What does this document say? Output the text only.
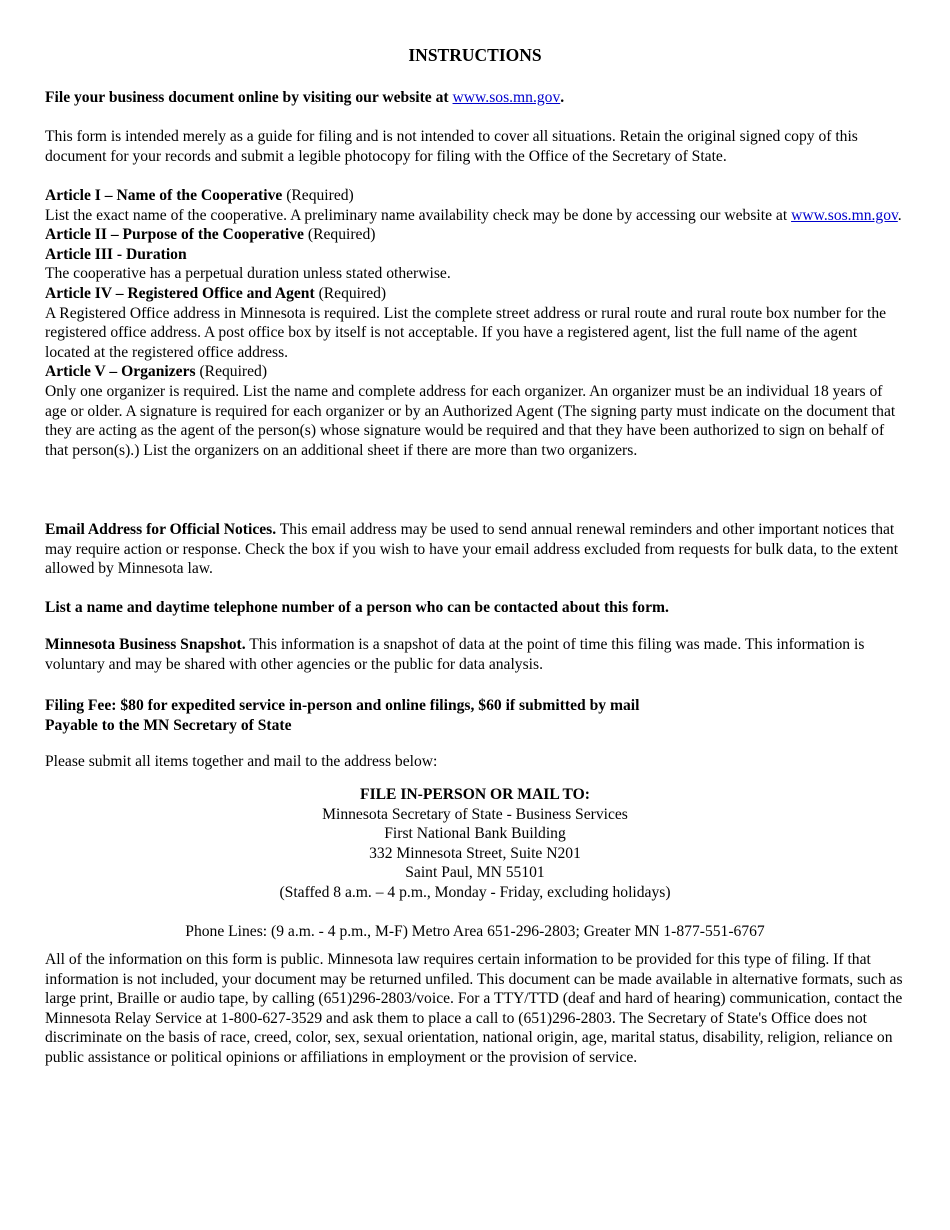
INSTRUCTIONS

File your business document online by visiting our website at www.sos.mn.gov.

This form is intended merely as a guide for filing and is not intended to cover all situations. Retain the original signed copy of this document for your records and submit a legible photocopy for filing with the Office of the Secretary of State.

Article I – Name of the Cooperative (Required)
List the exact name of the cooperative. A preliminary name availability check may be done by accessing our website at www.sos.mn.gov.
Article II – Purpose of the Cooperative (Required)
Article III - Duration
The cooperative has a perpetual duration unless stated otherwise.
Article IV – Registered Office and Agent (Required)
A Registered Office address in Minnesota is required. List the complete street address or rural route and rural route box number for the registered office address. A post office box by itself is not acceptable. If you have a registered agent, list the full name of the agent located at the registered office address.
Article V – Organizers (Required)
Only one organizer is required. List the name and complete address for each organizer. An organizer must be an individual 18 years of age or older. A signature is required for each organizer or by an Authorized Agent (The signing party must indicate on the document that they are acting as the agent of the person(s) whose signature would be required and that they have been authorized to sign on behalf of that person(s).) List the organizers on an additional sheet if there are more than two organizers.

Email Address for Official Notices. This email address may be used to send annual renewal reminders and other important notices that may require action or response. Check the box if you wish to have your email address excluded from requests for bulk data, to the extent allowed by Minnesota law.

List a name and daytime telephone number of a person who can be contacted about this form.

Minnesota Business Snapshot. This information is a snapshot of data at the point of time this filing was made. This information is voluntary and may be shared with other agencies or the public for data analysis.

Filing Fee: $80 for expedited service in-person and online filings, $60 if submitted by mail
Payable to the MN Secretary of State

Please submit all items together and mail to the address below:

FILE IN-PERSON OR MAIL TO:
Minnesota Secretary of State - Business Services
First National Bank Building
332 Minnesota Street, Suite N201
Saint Paul, MN 55101
(Staffed 8 a.m. – 4 p.m., Monday - Friday, excluding holidays)

Phone Lines: (9 a.m. - 4 p.m., M-F) Metro Area 651-296-2803; Greater MN 1-877-551-6767

All of the information on this form is public. Minnesota law requires certain information to be provided for this type of filing. If that information is not included, your document may be returned unfiled. This document can be made available in alternative formats, such as large print, Braille or audio tape, by calling (651)296-2803/voice. For a TTY/TTD (deaf and hard of hearing) communication, contact the Minnesota Relay Service at 1-800-627-3529 and ask them to place a call to (651)296-2803. The Secretary of State's Office does not discriminate on the basis of race, creed, color, sex, sexual orientation, national origin, age, marital status, disability, religion, reliance on public assistance or political opinions or affiliations in employment or the provision of service.
